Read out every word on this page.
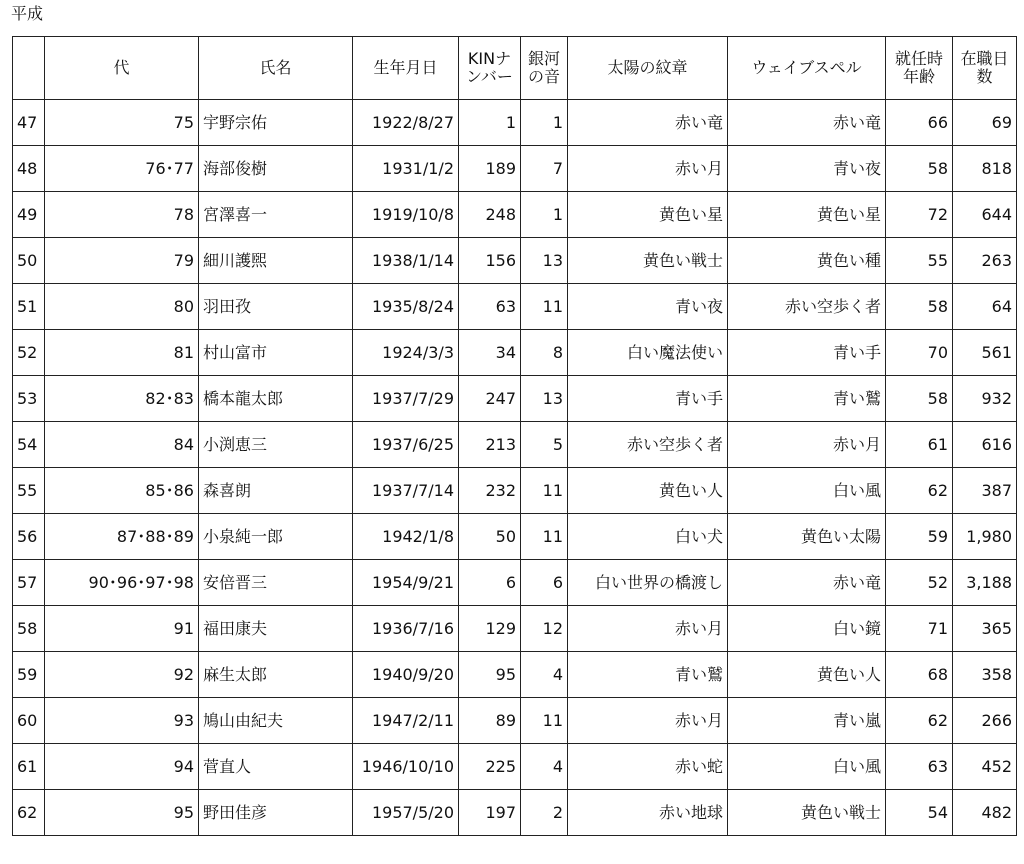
平成
	代	氏名	生年月日	KINナンバー	銀河の音	太陽の紋章	ウェイブスペル	就任時年齢	在職日数
47	75	宇野宗佑	1922/8/27	1	1	赤い竜	赤い竜	66	69
48	76･77	海部俊樹	1931/1/2	189	7	赤い月	青い夜	58	818
49	78	宮澤喜一	1919/10/8	248	1	黄色い星	黄色い星	72	644
50	79	細川護煕	1938/1/14	156	13	黄色い戦士	黄色い種	55	263
51	80	羽田孜	1935/8/24	63	11	青い夜	赤い空歩く者	58	64
52	81	村山富市	1924/3/3	34	8	白い魔法使い	青い手	70	561
53	82･83	橋本龍太郎	1937/7/29	247	13	青い手	青い鷲	58	932
54	84	小渕恵三	1937/6/25	213	5	赤い空歩く者	赤い月	61	616
55	85･86	森喜朗	1937/7/14	232	11	黄色い人	白い風	62	387
56	87･88･89	小泉純一郎	1942/1/8	50	11	白い犬	黄色い太陽	59	1,980
57	90･96･97･98	安倍晋三	1954/9/21	6	6	白い世界の橋渡し	赤い竜	52	3,188
58	91	福田康夫	1936/7/16	129	12	赤い月	白い鏡	71	365
59	92	麻生太郎	1940/9/20	95	4	青い鷲	黄色い人	68	358
60	93	鳩山由紀夫	1947/2/11	89	11	赤い月	青い嵐	62	266
61	94	菅直人	1946/10/10	225	4	赤い蛇	白い風	63	452
62	95	野田佳彦	1957/5/20	197	2	赤い地球	黄色い戦士	54	482
